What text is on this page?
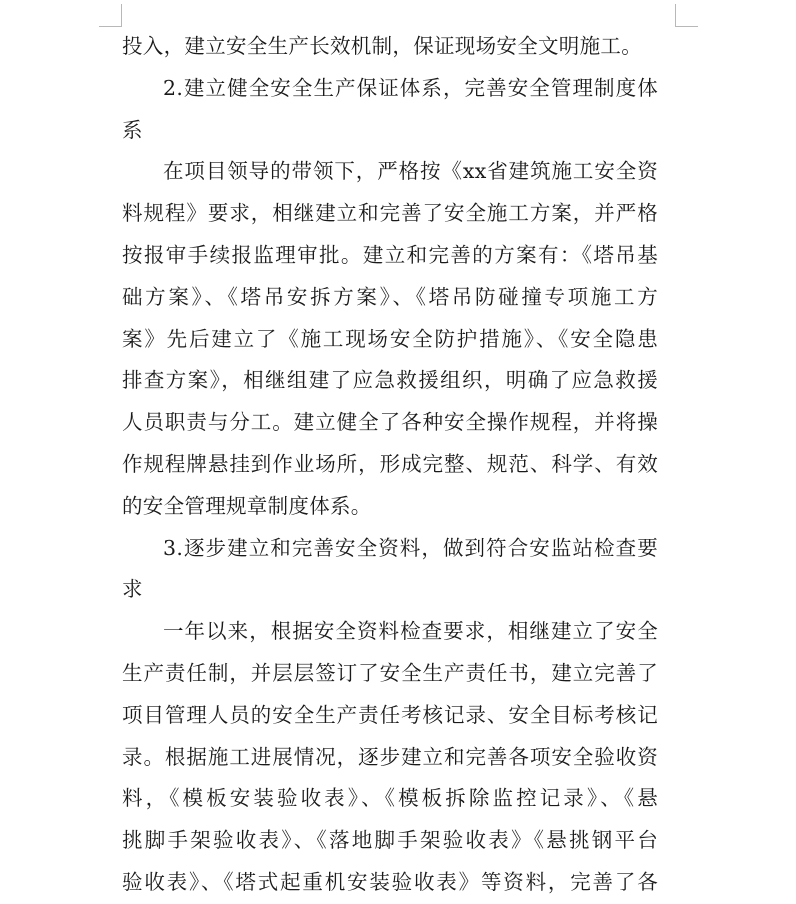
投入，建立安全生产长效机制，保证现场安全文明施工。
2.建立健全安全生产保证体系，完善安全管理制度体
系
在项目领导的带领下，严格按《xx省建筑施工安全资
料规程》要求，相继建立和完善了安全施工方案，并严格
按报审手续报监理审批。建立和完善的方案有：《塔吊基
础方案》、《塔吊安拆方案》、《塔吊防碰撞专项施工方
案》先后建立了《施工现场安全防护措施》、《安全隐患
排查方案》，相继组建了应急救援组织，明确了应急救援
人员职责与分工。建立健全了各种安全操作规程，并将操
作规程牌悬挂到作业场所，形成完整、规范、科学、有效
的安全管理规章制度体系。
3.逐步建立和完善安全资料，做到符合安监站检查要
求
一年以来，根据安全资料检查要求，相继建立了安全
生产责任制，并层层签订了安全生产责任书，建立完善了
项目管理人员的安全生产责任考核记录、安全目标考核记
录。根据施工进展情况，逐步建立和完善各项安全验收资
料，《模板安装验收表》、《模板拆除监控记录》、《悬
挑脚手架验收表》、《落地脚手架验收表》《悬挑钢平台
验收表》、《塔式起重机安装验收表》等资料，完善了各
